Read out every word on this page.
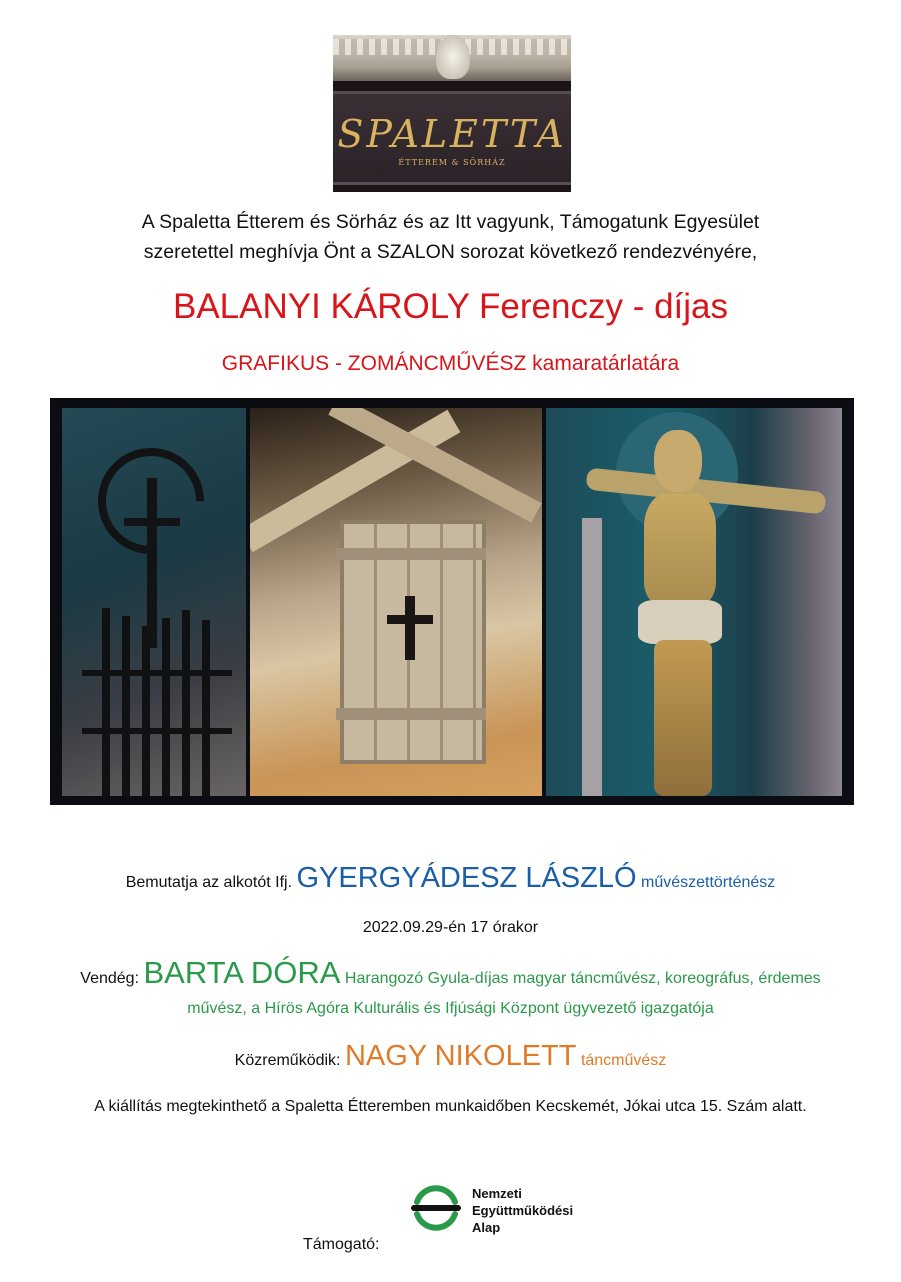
SPALETTA
ÉTTEREM & SÖRHÁZ
A Spaletta Étterem és Sörház és az Itt vagyunk, Támogatunk Egyesület
szeretettel meghívja Önt a SZALON sorozat következő rendezvényére,
BALANYI KÁROLY Ferenczy - díjas
GRAFIKUS - ZOMÁNCMŰVÉSZ kamaratárlatára
Bemutatja az alkotót Ifj. GYERGYÁDESZ LÁSZLÓ művészettörténész
2022.09.29-én 17 órakor
Vendég: BARTA DÓRA Harangozó Gyula-díjas magyar táncművész, koreográfus, érdemes művész, a Hírös Agóra Kulturális és Ifjúsági Központ ügyvezető igazgatója
Közreműködik: NAGY NIKOLETT táncművész
A kiállítás megtekinthető a Spaletta Étteremben munkaidőben Kecskemét, Jókai utca 15. Szám alatt.
Támogató:
Nemzeti
Együttműködési
Alap
